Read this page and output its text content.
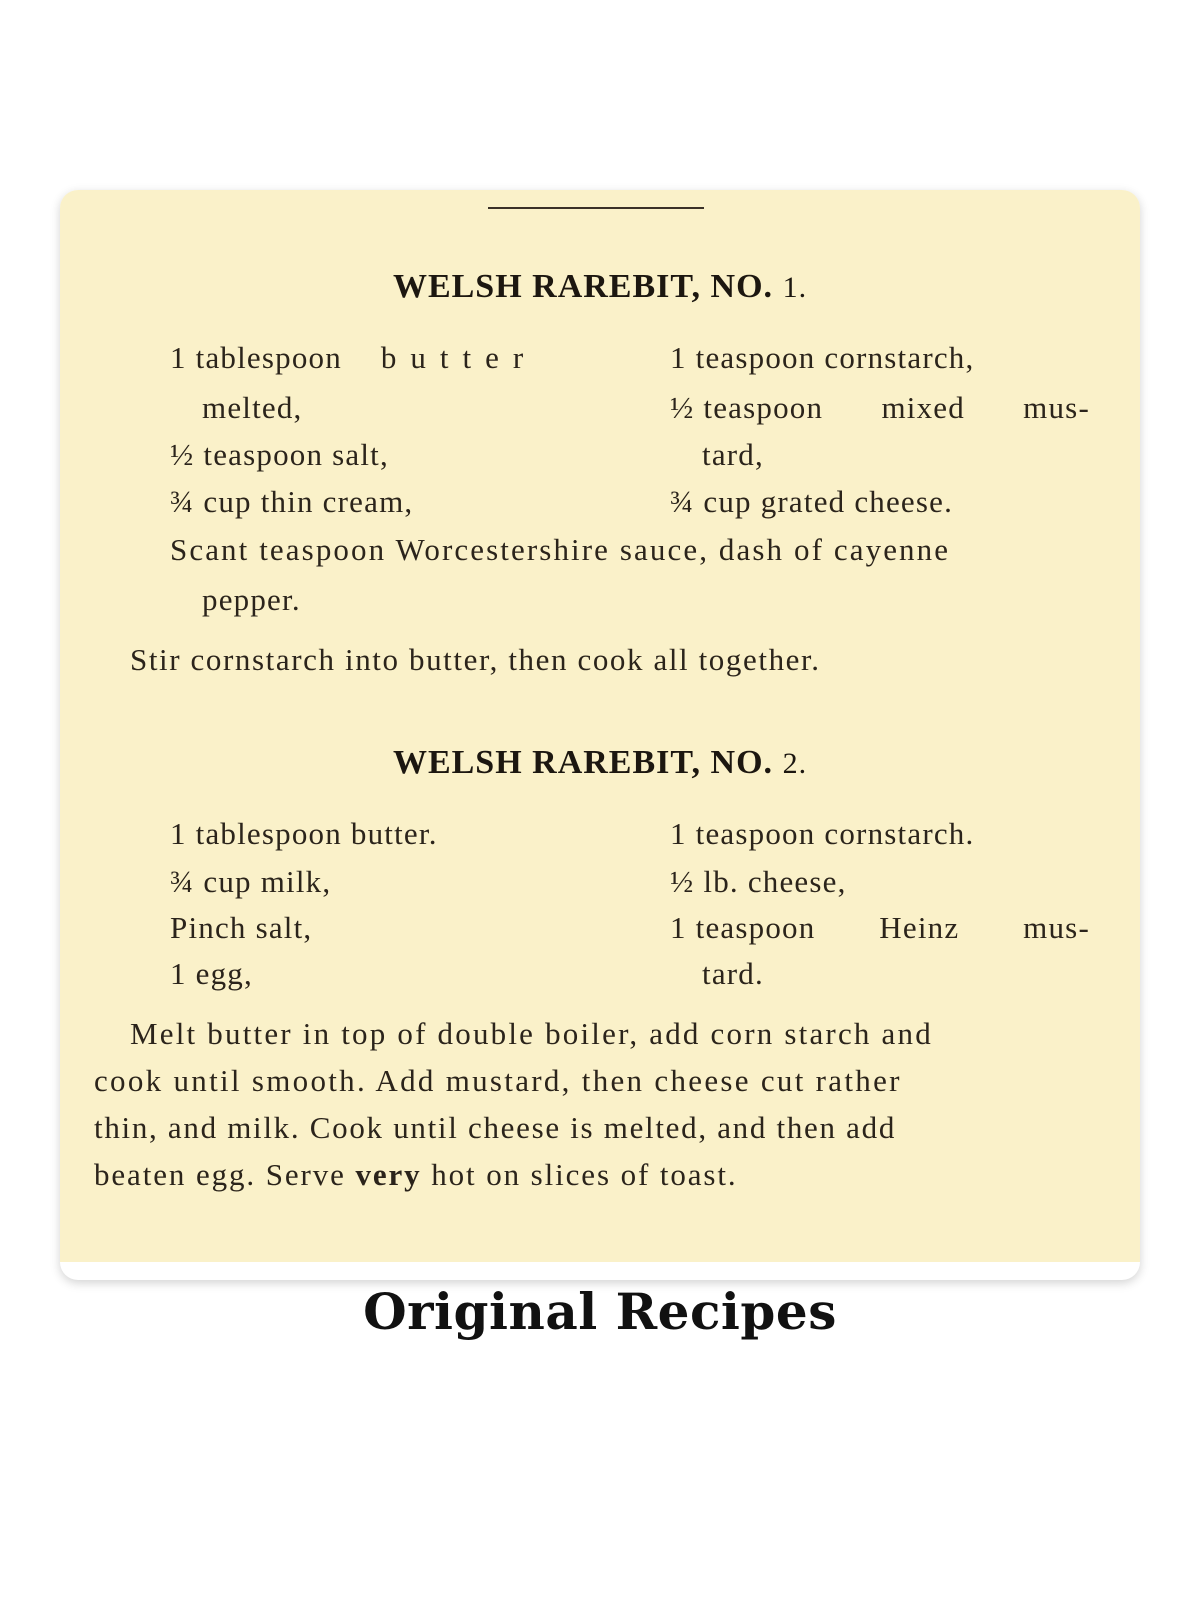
WELSH RAREBIT, NO. 1.
1 tablespoon butter
melted,
½ teaspoon salt,
¾ cup thin cream,
1 teaspoon cornstarch,
½ teaspoon mixed mus-
tard,
¾ cup grated cheese.
Scant teaspoon Worcestershire sauce, dash of cayenne
pepper.
Stir cornstarch into butter, then cook all together.
WELSH RAREBIT, NO. 2.
1 tablespoon butter.
¾ cup milk,
Pinch salt,
1 egg,
1 teaspoon cornstarch.
½ lb. cheese,
1 teaspoon Heinz mus-
tard.
Melt butter in top of double boiler, add corn starch and
cook until smooth. Add mustard, then cheese cut rather
thin, and milk. Cook until cheese is melted, and then add
beaten egg. Serve very hot on slices of toast.
Original Recipes
